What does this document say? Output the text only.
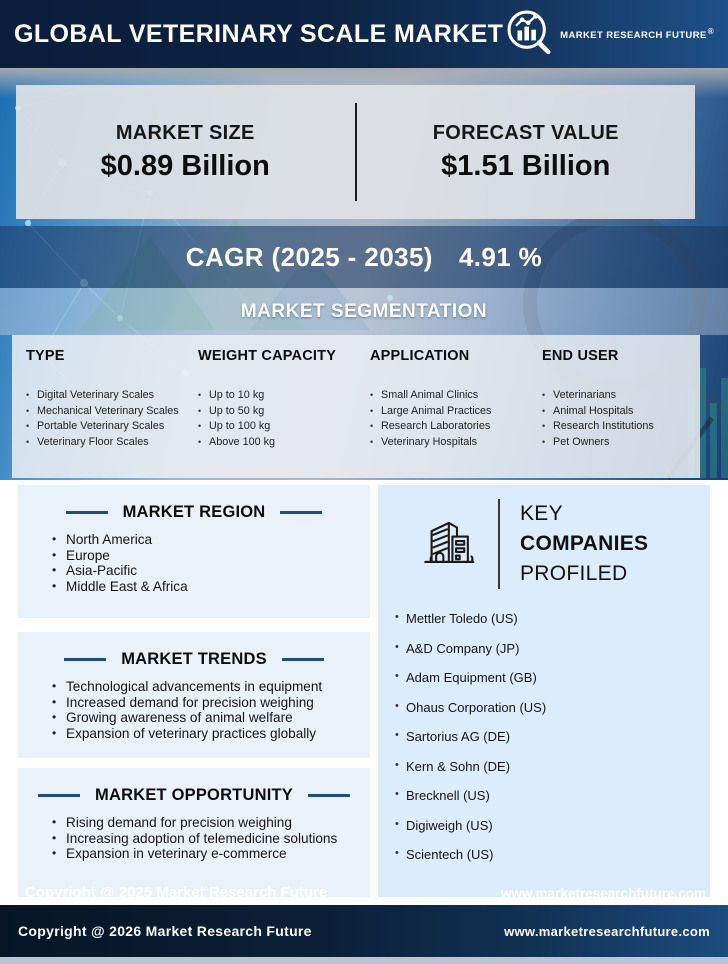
GLOBAL VETERINARY SCALE MARKET	MARKET RESEARCH FUTURE®
MARKET SIZE
$0.89 Billion
FORECAST VALUE
$1.51 Billion
CAGR (2025 - 2035) 4.91 %
MARKET SEGMENTATION
TYPE
• Digital Veterinary Scales
• Mechanical Veterinary Scales
• Portable Veterinary Scales
• Veterinary Floor Scales
WEIGHT CAPACITY
• Up to 10 kg
• Up to 50 kg
• Up to 100 kg
• Above 100 kg
APPLICATION
• Small Animal Clinics
• Large Animal Practices
• Research Laboratories
• Veterinary Hospitals
END USER
• Veterinarians
• Animal Hospitals
• Research Institutions
• Pet Owners
MARKET REGION
• North America
• Europe
• Asia-Pacific
• Middle East & Africa
MARKET TRENDS
• Technological advancements in equipment
• Increased demand for precision weighing
• Growing awareness of animal welfare
• Expansion of veterinary practices globally
MARKET OPPORTUNITY
• Rising demand for precision weighing
• Increasing adoption of telemedicine solutions
• Expansion in veterinary e-commerce
KEY
COMPANIES
PROFILED
• Mettler Toledo (US)
• A&D Company (JP)
• Adam Equipment (GB)
• Ohaus Corporation (US)
• Sartorius AG (DE)
• Kern & Sohn (DE)
• Brecknell (US)
• Digiweigh (US)
• Scientech (US)
Copyright @ 2025 Market Research Future	www.marketresearchfuture.com
Copyright @ 2026 Market Research Future	www.marketresearchfuture.com
